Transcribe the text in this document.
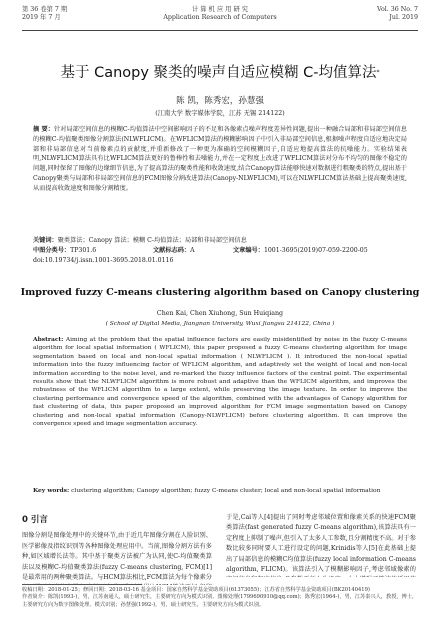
第 36 卷第 7 期
2019 年 7 月
计 算 机 应 用 研 究
Application Research of Computers
Vol. 36 No. 7
Jul. 2019
基于 Canopy 聚类的噪声自适应模糊 C-均值算法*
陈 凯，陈秀宏，孙慧强
(江南大学 数字媒体学院，江苏 无锡 214122)
摘 要：针对局部空间信息的模糊C-均值算法中空间影响因子的不足和各像素点噪声程度差异性问题,提出一种融合局部和非局部空间信息的模糊C-均值聚类图像分割算法(NLWFLICM)。在WFLICM算法的模糊影响因子中引入非局部空间信息,根据噪声程度自适应地决定局部和非局部信息对当前像素点的贡献度,并重新修改了一种更为准确的空间模糊因子,自适应地提高算法的抗噪能力。实验结果表明,NLWFLICM算法具有比WFLICM算法更好的鲁棒性和去噪能力,并在一定程度上改进了WFLICM算法对分布不均匀的图像不稳定的问题,同时保留了图像的边缘细节信息,为了提高算法的聚类性能和收敛速度,结合Canopy算法能够快速对数据进行粗聚类的特点,提出基于Canopy聚类与局部和非局部空间信息的FCM图像分割改进算法(Canopy-NLWFLICM),可以在NLWFLICM算法基础上提高聚类速度,从而提高收敛速度和图像分割精度。
关键词：聚类算法；Canopy 算法；模糊 C-均值算法；局部和非局部空间信息
中图分类号：TP301.6	文献标志码：A	文章编号：1001-3695(2019)07-059-2200-05
doi:10.19734/j.issn.1001-3695.2018.01.0116
Improved fuzzy C-means clustering algorithm based on Canopy clustering
Chen Kai, Chen Xiuhong, Sun Huiqiang
( School of Digital Media, Jiangnan University, Wuxi Jiangsu 214122, China )
Abstract: Aiming at the problem that the spatial influence factors are easily misidentified by noise in the fuzzy C-means algorithm for local spatial information ( WFLICM), this paper proposed a fuzzy C-means clustering algorithm for image segmentation based on local and non-local spatial information ( NLWFLICM ). It introduced the non-local spatial information into the fuzzy influencing factor of WFLICM algorithm, and adaptively set the weight of local and non-local information according to the noise level, and re-marked the fuzzy influence factors of the central point. The experimental results show that the NLWFLICM algorithm is more robust and adaptive than the WFLICM algorithm, and improves the robustness of the WFLICM algorithm to a large extent, while preserving the image texture. In order to improve the clustering performance and convergence speed of the algorithm, combined with the advantages of Canopy algorithm for fast clustering of data, this paper proposed an improved algorithm for FCM image segmentation based on Canopy clustering and non-local spatial information (Canopy-NLWFLICM) before clustering algorithm. It can improve the convergence speed and image segmentation accuracy.
Key words: clustering algorithm; Canopy algorithm; fuzzy C-means cluster; local and non-local spatial information
0 引言
图像分割是图像处理中的关键环节,由于近几年图像分割在人脸识别、医学影像及指纹识别等各种图像处理应用中。当前,图像分割方法有多种,如区域增长法等。其中基于聚类方法被广为认同,使C-均值聚类算法以及模糊C-均值聚类算法(fuzzy C-means clustering, FCM)[1]是最常用的两种聚类算法。与HCM算法相比,FCM算法为每个像素分
于是,Cai等人[4]提出了同时考虑邻域位置和像素关系的快速FCM聚类算法(fast generated fuzzy C-means algorithm),该算法具有一定程度上抑制了噪声,但引入了太多人工参数,且分割精度不高。对于参数比较多同时要人工进行设定的问题,Krinidis等人[5]在此基础上提出了局部信息的模糊C均值算法(fuzzy local information C-means algorithm, FLICM)。该算法引入了模糊影响因子,考虑邻域像素的
收稿日期：2018-01-25；修回日期：2018-03-16 基金项目：国家自然科学基金资助项目(61373055)；江苏省自然科学基金资助项目(BK20140419)
作者简介：陈凯(1993-)，男，江苏南通人，硕士研究生，主要研究方向为模式识别、图像处理(1799690910@qq.com)；陈秀宏(1964-)，男，江苏泰兴人，教授，博士，主要研究方向为数字图像处理、模式识别；孙慧强(1992-)，男，硕士研究生，主要研究方向为模式识别。
